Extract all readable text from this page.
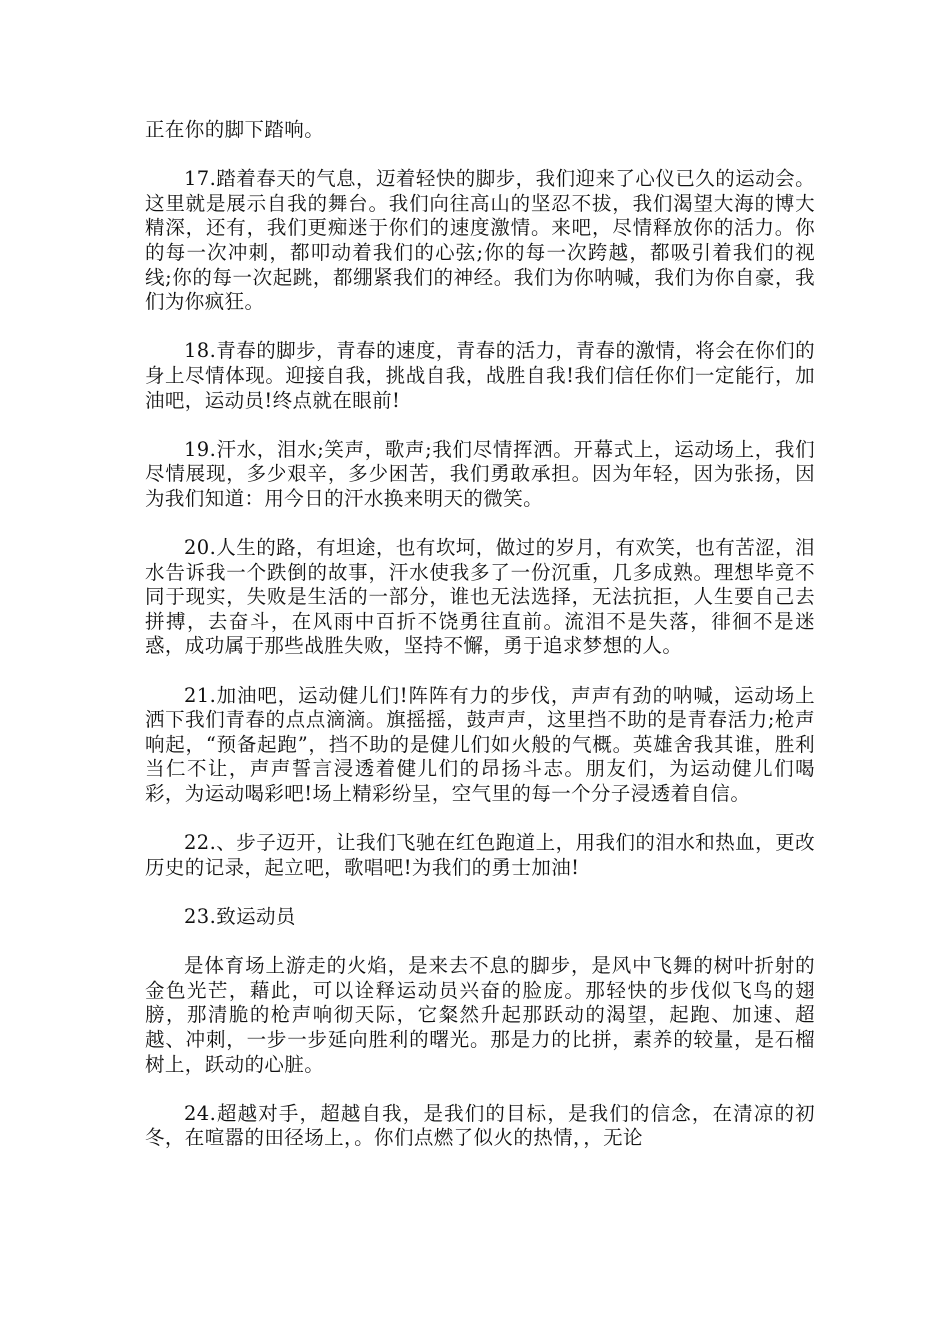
正在你的脚下踏响。

17.踏着春天的气息，迈着轻快的脚步，我们迎来了心仪已久的运动会。这里就是展示自我的舞台。我们向往高山的坚忍不拔，我们渴望大海的博大精深，还有，我们更痴迷于你们的速度激情。来吧，尽情释放你的活力。你的每一次冲刺，都叩动着我们的心弦;你的每一次跨越，都吸引着我们的视线;你的每一次起跳，都绷紧我们的神经。我们为你呐喊，我们为你自豪，我们为你疯狂。

18.青春的脚步，青春的速度，青春的活力，青春的激情，将会在你们的身上尽情体现。迎接自我，挑战自我，战胜自我!我们信任你们一定能行，加油吧，运动员!终点就在眼前!

19.汗水，泪水;笑声，歌声;我们尽情挥洒。开幕式上，运动场上，我们尽情展现，多少艰辛，多少困苦，我们勇敢承担。因为年轻，因为张扬，因为我们知道：用今日的汗水换来明天的微笑。

20.人生的路，有坦途，也有坎坷，做过的岁月，有欢笑，也有苦涩，泪水告诉我一个跌倒的故事，汗水使我多了一份沉重，几多成熟。理想毕竟不同于现实，失败是生活的一部分，谁也无法选择，无法抗拒，人生要自己去拼搏，去奋斗，在风雨中百折不饶勇往直前。流泪不是失落，徘徊不是迷惑，成功属于那些战胜失败，坚持不懈，勇于追求梦想的人。

21.加油吧，运动健儿们!阵阵有力的步伐，声声有劲的呐喊，运动场上洒下我们青春的点点滴滴。旗摇摇，鼓声声，这里挡不助的是青春活力;枪声响起，“预备起跑”，挡不助的是健儿们如火般的气概。英雄舍我其谁，胜利当仁不让，声声誓言浸透着健儿们的昂扬斗志。朋友们，为运动健儿们喝彩，为运动喝彩吧!场上精彩纷呈，空气里的每一个分子浸透着自信。

22.、步子迈开，让我们飞驰在红色跑道上，用我们的泪水和热血，更改历史的记录，起立吧，歌唱吧!为我们的勇士加油!

23.致运动员

是体育场上游走的火焰，是来去不息的脚步，是风中飞舞的树叶折射的金色光芒，藉此，可以诠释运动员兴奋的脸庞。那轻快的步伐似飞鸟的翅膀，那清脆的枪声响彻天际，它粲然升起那跃动的渴望，起跑、加速、超越、冲刺，一步一步延向胜利的曙光。那是力的比拼，素养的较量，是石榴树上，跃动的心脏。

24.超越对手，超越自我，是我们的目标，是我们的信念，在清凉的初冬，在喧嚣的田径场上，。你们点燃了似火的热情，，无论
